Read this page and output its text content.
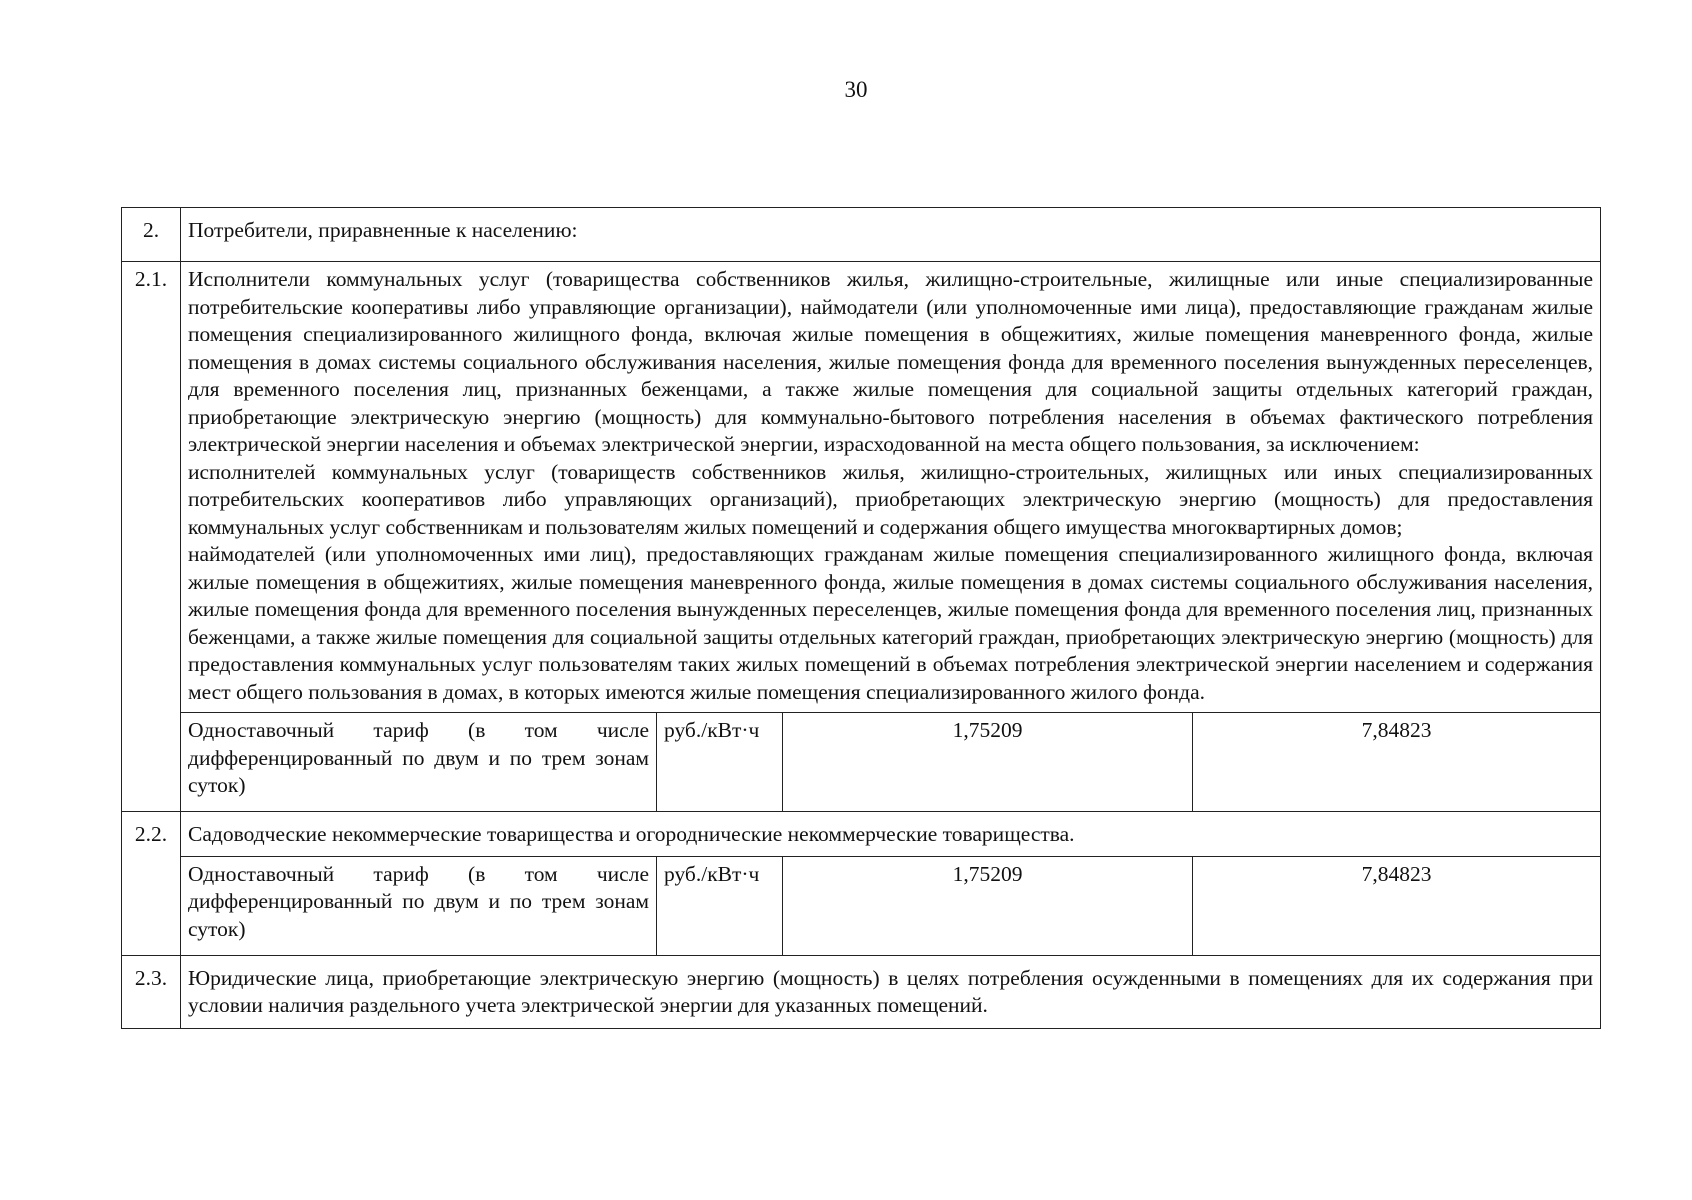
30
2.	Потребители, приравненные к населению:			
2.1.	Исполнители коммунальных услуг (товарищества собственников жилья, жилищно-строительные, жилищные или иные специализированные потребительские кооперативы либо управляющие организации), наймодатели (или уполномоченные ими лица), предоставляющие гражданам жилые помещения специализированного жилищного фонда, включая жилые помещения в общежитиях, жилые помещения маневренного фонда, жилые помещения в домах системы социального обслуживания населения, жилые помещения фонда для временного поселения вынужденных переселенцев, для временного поселения лиц, признанных беженцами, а также жилые помещения для социальной защиты отдельных категорий граждан, приобретающие электрическую энергию (мощность) для коммунально-бытового потребления населения в объемах фактического потребления электрической энергии населения и объемах электрической энергии, израсходованной на места общего пользования, за исключением:
исполнителей коммунальных услуг (товариществ собственников жилья, жилищно-строительных, жилищных или иных специализированных потребительских кооперативов либо управляющих организаций), приобретающих электрическую энергию (мощность) для предоставления коммунальных услуг собственникам и пользователям жилых помещений и содержания общего имущества многоквартирных домов;
наймодателей (или уполномоченных ими лиц), предоставляющих гражданам жилые помещения специализированного жилищного фонда, включая жилые помещения в общежитиях, жилые помещения маневренного фонда, жилые помещения в домах системы социального обслуживания населения, жилые помещения фонда для временного поселения вынужденных переселенцев, жилые помещения фонда для временного поселения лиц, признанных беженцами, а также жилые помещения для социальной защиты отдельных категорий граждан, приобретающих электрическую энергию (мощность) для предоставления коммунальных услуг пользователям таких жилых помещений в объемах потребления электрической энергии населением и содержания мест общего пользования в домах, в которых имеются жилые помещения специализированного жилого фонда.			

	Одноставочный тариф (в том числе дифференцированный по двум и по трем зонам суток)	руб./кВт·ч	1,75209	7,84823
2.2.	Садоводческие некоммерческие товарищества и огороднические некоммерческие товарищества.			
	Одноставочный тариф (в том числе дифференцированный по двум и по трем зонам суток)	руб./кВт·ч	1,75209	7,84823
2.3.	Юридические лица, приобретающие электрическую энергию (мощность) в целях потребления осужденными в помещениях для их содержания при условии наличия раздельного учета электрической энергии для указанных помещений.			
